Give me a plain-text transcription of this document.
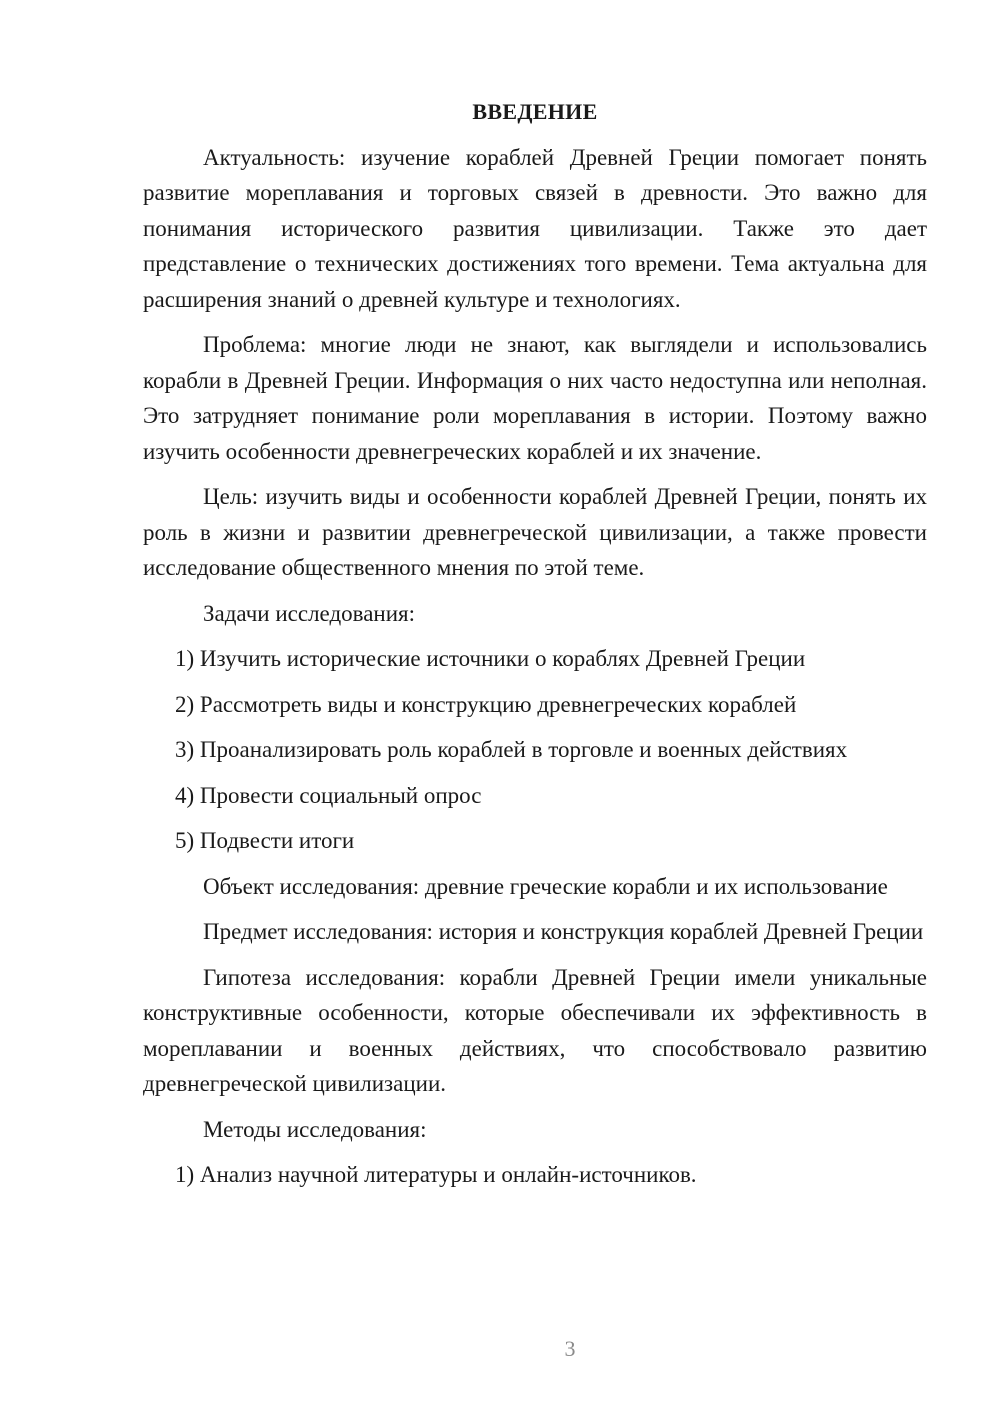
ВВЕДЕНИЕ

Актуальность: изучение кораблей Древней Греции помогает понять развитие мореплавания и торговых связей в древности. Это важно для понимания исторического развития цивилизации. Также это дает представление о технических достижениях того времени. Тема актуальна для расширения знаний о древней культуре и технологиях.

Проблема: многие люди не знают, как выглядели и использовались корабли в Древней Греции. Информация о них часто недоступна или неполная. Это затрудняет понимание роли мореплавания в истории. Поэтому важно изучить особенности древнегреческих кораблей и их значение.

Цель: изучить виды и особенности кораблей Древней Греции, понять их роль в жизни и развитии древнегреческой цивилизации, а также провести исследование общественного мнения по этой теме.

Задачи исследования:

1) Изучить исторические источники о кораблях Древней Греции
2) Рассмотреть виды и конструкцию древнегреческих кораблей
3) Проанализировать роль кораблей в торговле и военных действиях
4) Провести социальный опрос
5) Подвести итоги

Объект исследования: древние греческие корабли и их использование

Предмет исследования: история и конструкция кораблей Древней Греции

Гипотеза исследования: корабли Древней Греции имели уникальные конструктивные особенности, которые обеспечивали их эффективность в мореплавании и военных действиях, что способствовало развитию древнегреческой цивилизации.

Методы исследования:

1) Анализ научной литературы и онлайн-источников.
3
